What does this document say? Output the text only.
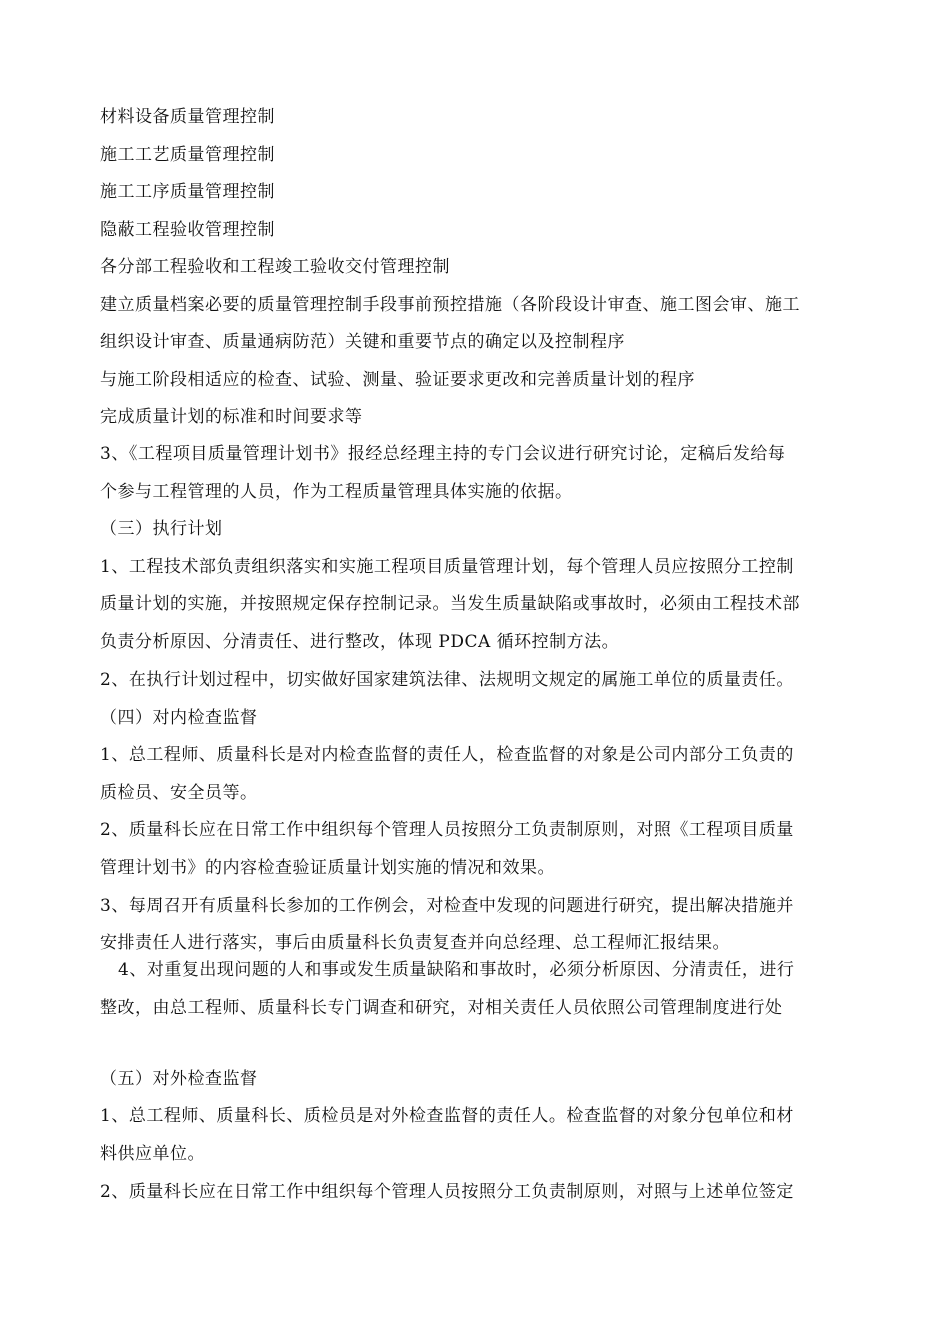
材料设备质量管理控制
施工工艺质量管理控制
施工工序质量管理控制
隐蔽工程验收管理控制
各分部工程验收和工程竣工验收交付管理控制
建立质量档案必要的质量管理控制手段事前预控措施（各阶段设计审查、施工图会审、施工
组织设计审查、质量通病防范）关键和重要节点的确定以及控制程序
与施工阶段相适应的检查、试验、测量、验证要求更改和完善质量计划的程序
完成质量计划的标准和时间要求等
3、《工程项目质量管理计划书》报经总经理主持的专门会议进行研究讨论，定稿后发给每
个参与工程管理的人员，作为工程质量管理具体实施的依据。
（三）执行计划
1、工程技术部负责组织落实和实施工程项目质量管理计划，每个管理人员应按照分工控制
质量计划的实施，并按照规定保存控制记录。当发生质量缺陷或事故时，必须由工程技术部
负责分析原因、分清责任、进行整改，体现 PDCA 循环控制方法。
2、在执行计划过程中，切实做好国家建筑法律、法规明文规定的属施工单位的质量责任。
（四）对内检查监督
1、总工程师、质量科长是对内检查监督的责任人，检查监督的对象是公司内部分工负责的
质检员、安全员等。
2、质量科长应在日常工作中组织每个管理人员按照分工负责制原则，对照《工程项目质量
管理计划书》的内容检查验证质量计划实施的情况和效果。
3、每周召开有质量科长参加的工作例会，对检查中发现的问题进行研究，提出解决措施并
安排责任人进行落实，事后由质量科长负责复查并向总经理、总工程师汇报结果。
4、对重复出现问题的人和事或发生质量缺陷和事故时，必须分析原因、分清责任，进行
整改，由总工程师、质量科长专门调查和研究，对相关责任人员依照公司管理制度进行处
（五）对外检查监督
1、总工程师、质量科长、质检员是对外检查监督的责任人。检查监督的对象分包单位和材
料供应单位。
2、质量科长应在日常工作中组织每个管理人员按照分工负责制原则，对照与上述单位签定
